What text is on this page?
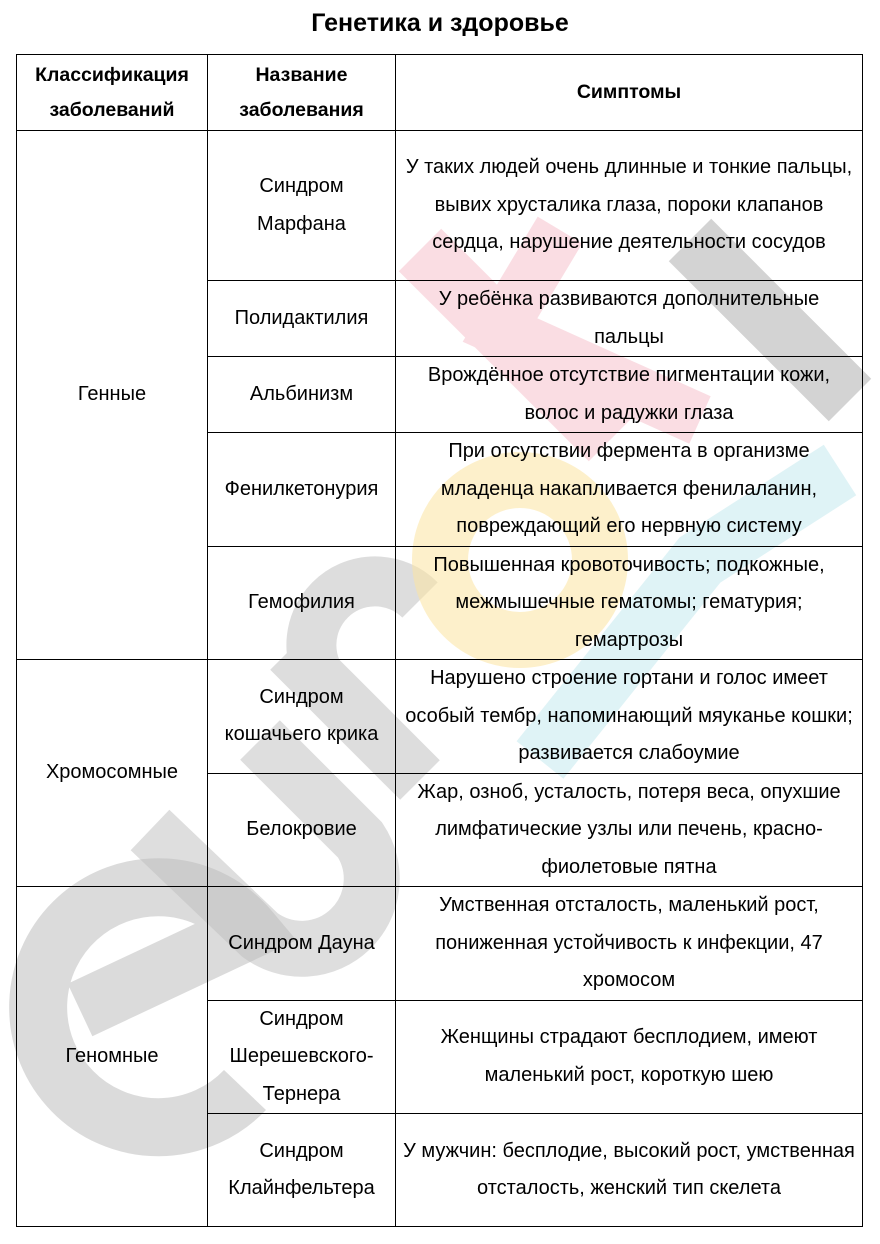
Генетика и здоровье
Классификация заболеваний	Название заболевания	Симптомы
Генные	Синдром Марфана	У таких людей очень длинные и тонкие пальцы, вывих хрусталика глаза, пороки клапанов сердца, нарушение деятельности сосудов
	Полидактилия	У ребёнка развиваются дополнительные пальцы
	Альбинизм	Врождённое отсутствие пигментации кожи, волос и радужки глаза
	Фенилкетонурия	При отсутствии фермента в организме младенца накапливается фенилаланин, повреждающий его нервную систему
	Гемофилия	Повышенная кровоточивость; подкожные, межмышечные гематомы; гематурия; гемартрозы
Хромосомные	Синдром кошачьего крика	Нарушено строение гортани и голос имеет особый тембр, напоминающий мяуканье кошки; развивается слабоумие
	Белокровие	Жар, озноб, усталость, потеря веса, опухшие лимфатические узлы или печень, красно-фиолетовые пятна
Геномные	Синдром Дауна	Умственная отсталость, маленький рост, пониженная устойчивость к инфекции, 47 хромосом
	Синдром Шерешевского-Тернера	Женщины страдают бесплодием, имеют маленький рост, короткую шею
	Синдром Клайнфельтера	У мужчин: бесплодие, высокий рост, умственная отсталость, женский тип скелета
